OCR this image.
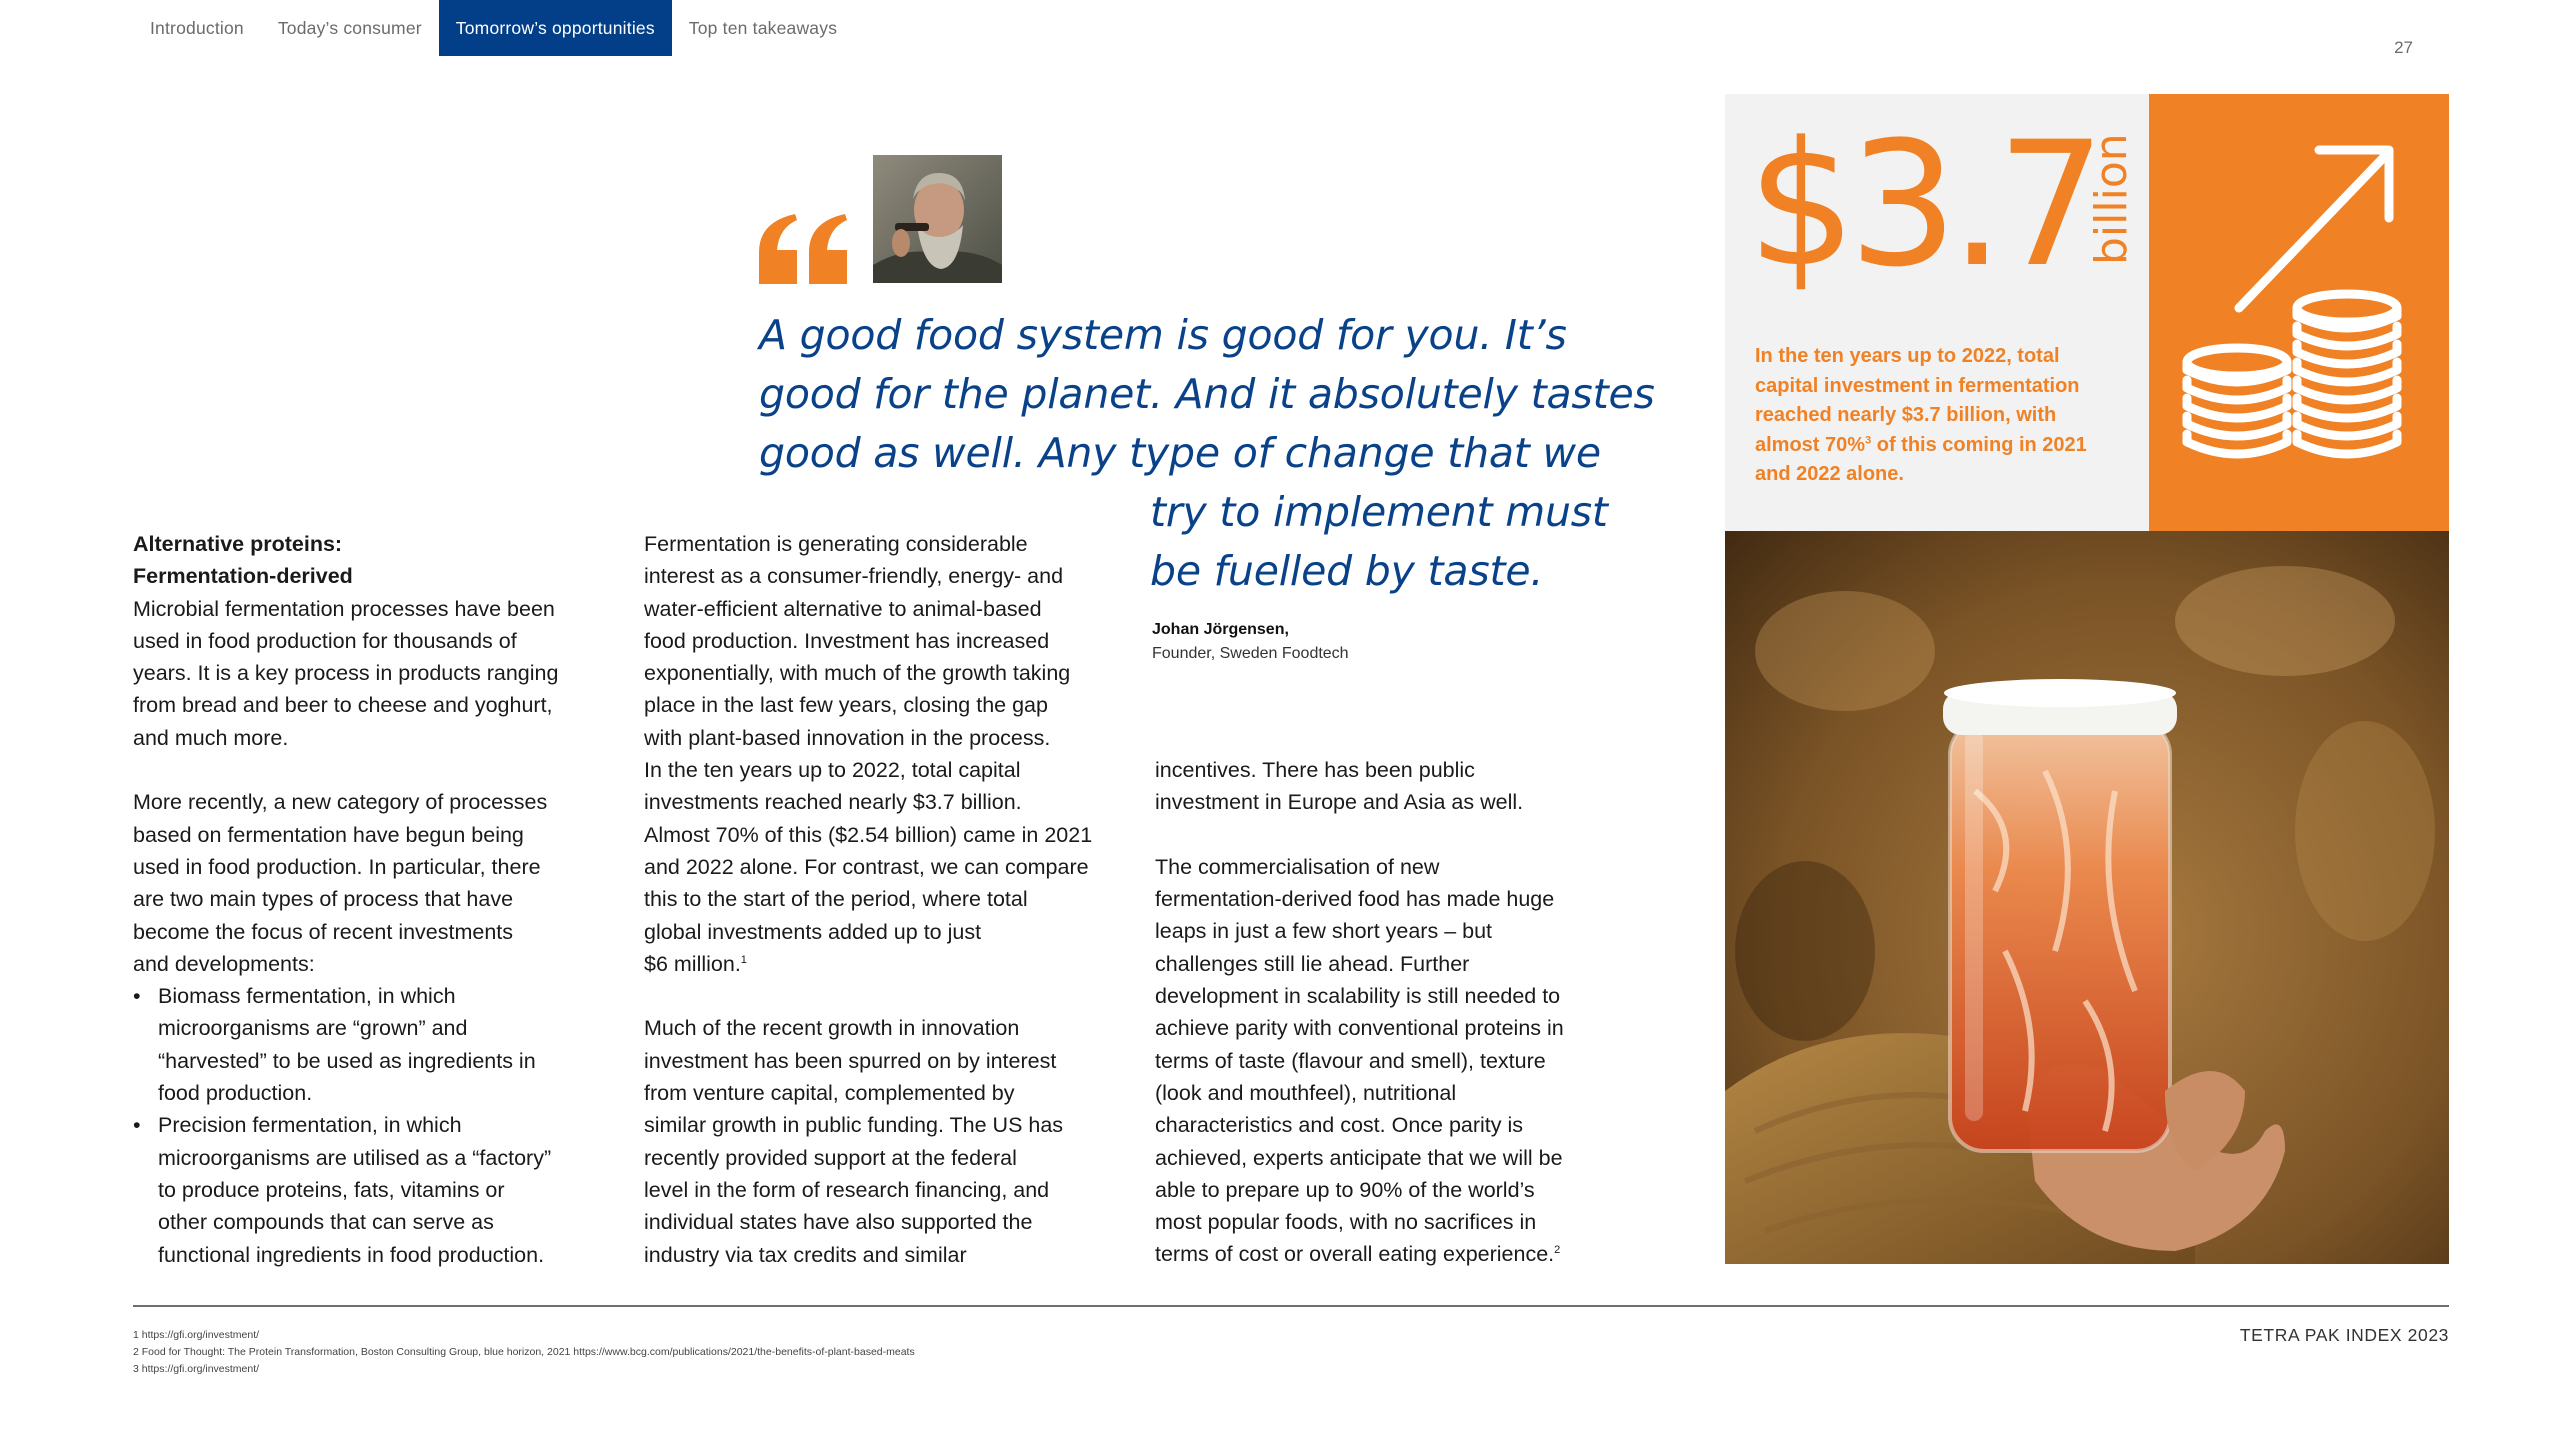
Introduction	Today’s consumer	Tomorrow’s opportunities	Top ten takeaways
27
A good food system is good for you. It’s
good for the planet. And it absolutely tastes
good as well. Any type of change that we
try to implement must
be fuelled by taste.
Johan Jörgensen,
Founder, Sweden Foodtech

Alternative proteins:

Fermentation-derived

Microbial fermentation processes have been

used in food production for thousands of

years. It is a key process in products ranging

from bread and beer to cheese and yoghurt,

and much more.

More recently, a new category of processes

based on fermentation have begun being

used in food production. In particular, there

are two main types of process that have

become the focus of recent investments

and developments:

• Biomass fermentation, in which

microorganisms are “grown” and

“harvested” to be used as ingredients in

food production.

• Precision fermentation, in which

microorganisms are utilised as a “factory”

to produce proteins, fats, vitamins or

other compounds that can serve as

functional ingredients in food production.

Fermentation is generating considerable

interest as a consumer-friendly, energy- and

water-efficient alternative to animal-based

food production. Investment has increased

exponentially, with much of the growth taking

place in the last few years, closing the gap

with plant-based innovation in the process.

In the ten years up to 2022, total capital

investments reached nearly $3.7 billion.

Almost 70% of this ($2.54 billion) came in 2021

and 2022 alone. For contrast, we can compare

this to the start of the period, where total

global investments added up to just

$6 million.$^1$

Much of the recent growth in innovation

investment has been spurred on by interest

from venture capital, complemented by

similar growth in public funding. The US has

recently provided support at the federal

level in the form of research financing, and

individual states have also supported the

industry via tax credits and similar

incentives. There has been public

investment in Europe and Asia as well.

The commercialisation of new

fermentation-derived food has made huge

leaps in just a few short years – but

challenges still lie ahead. Further

development in scalability is still needed to

achieve parity with conventional proteins in

terms of taste (flavour and smell), texture

(look and mouthfeel), nutritional

characteristics and cost. Once parity is

achieved, experts anticipate that we will be

able to prepare up to 90% of the world’s

most popular foods, with no sacrifices in

terms of cost or overall eating experience.$^2$

$3.7
billion

In the ten years up to 2022, total

capital investment in fermentation

reached nearly $3.7 billion, with

almost 70%$^3$ of this coming in 2021

and 2022 alone.

1 https://gfi.org/investment/

2 Food for Thought: The Protein Transformation, Boston Consulting Group, blue horizon, 2021 https://www.bcg.com/publications/2021/the-benefits-of-plant-based-meats

3 https://gfi.org/investment/

TETRA PAK INDEX 2023
